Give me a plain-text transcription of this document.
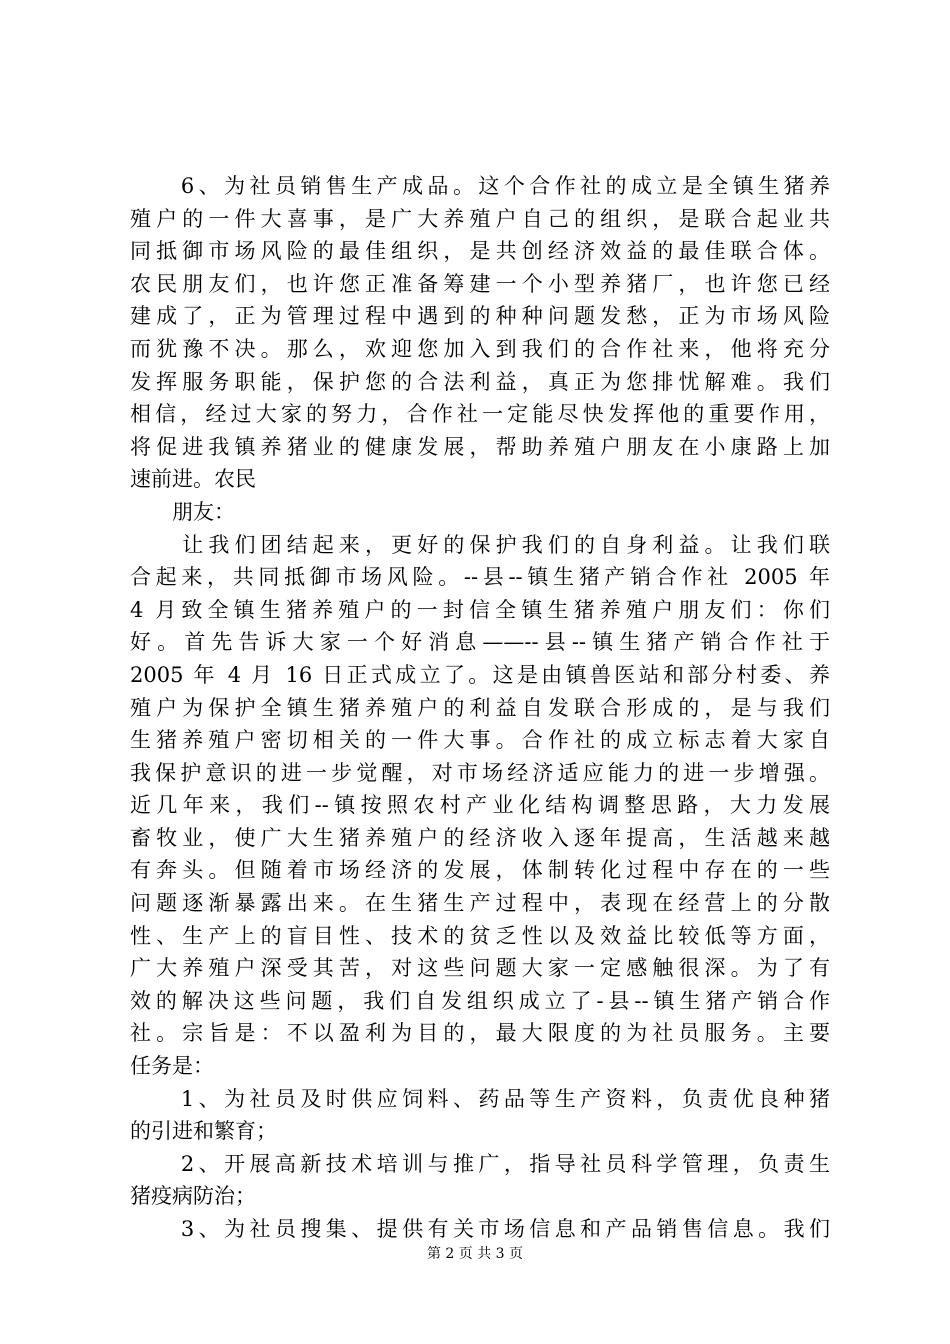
　　6、为社员销售生产成品。这个合作社的成立是全镇生猪养
殖户的一件大喜事，是广大养殖户自己的组织，是联合起业共
同抵御市场风险的最佳组织，是共创经济效益的最佳联合体。
农民朋友们，也许您正准备筹建一个小型养猪厂，也许您已经
建成了，正为管理过程中遇到的种种问题发愁，正为市场风险
而犹豫不决。那么，欢迎您加入到我们的合作社来，他将充分
发挥服务职能，保护您的合法利益，真正为您排忧解难。我们
相信，经过大家的努力，合作社一定能尽快发挥他的重要作用，
将促进我镇养猪业的健康发展，帮助养殖户朋友在小康路上加
速前进。农民
　　朋友：
　　让我们团结起来，更好的保护我们的自身利益。让我们联
合起来，共同抵御市场风险。--县--镇生猪产销合作社 2005 年
4 月致全镇生猪养殖户的一封信全镇生猪养殖户朋友们：你们
好。首先告诉大家一个好消息——--县--镇生猪产销合作社于
2005 年 4 月 16 日正式成立了。这是由镇兽医站和部分村委、养
殖户为保护全镇生猪养殖户的利益自发联合形成的，是与我们
生猪养殖户密切相关的一件大事。合作社的成立标志着大家自
我保护意识的进一步觉醒，对市场经济适应能力的进一步增强。
近几年来，我们--镇按照农村产业化结构调整思路，大力发展
畜牧业，使广大生猪养殖户的经济收入逐年提高，生活越来越
有奔头。但随着市场经济的发展，体制转化过程中存在的一些
问题逐渐暴露出来。在生猪生产过程中，表现在经营上的分散
性、生产上的盲目性、技术的贫乏性以及效益比较低等方面，
广大养殖户深受其苦，对这些问题大家一定感触很深。为了有
效的解决这些问题，我们自发组织成立了-县--镇生猪产销合作
社。宗旨是：不以盈利为目的，最大限度的为社员服务。主要
任务是：
　　1、为社员及时供应饲料、药品等生产资料，负责优良种猪
的引进和繁育；
　　2、开展高新技术培训与推广，指导社员科学管理，负责生
猪疫病防治；
　　3、为社员搜集、提供有关市场信息和产品销售信息。我们
第 2 页 共 3 页
